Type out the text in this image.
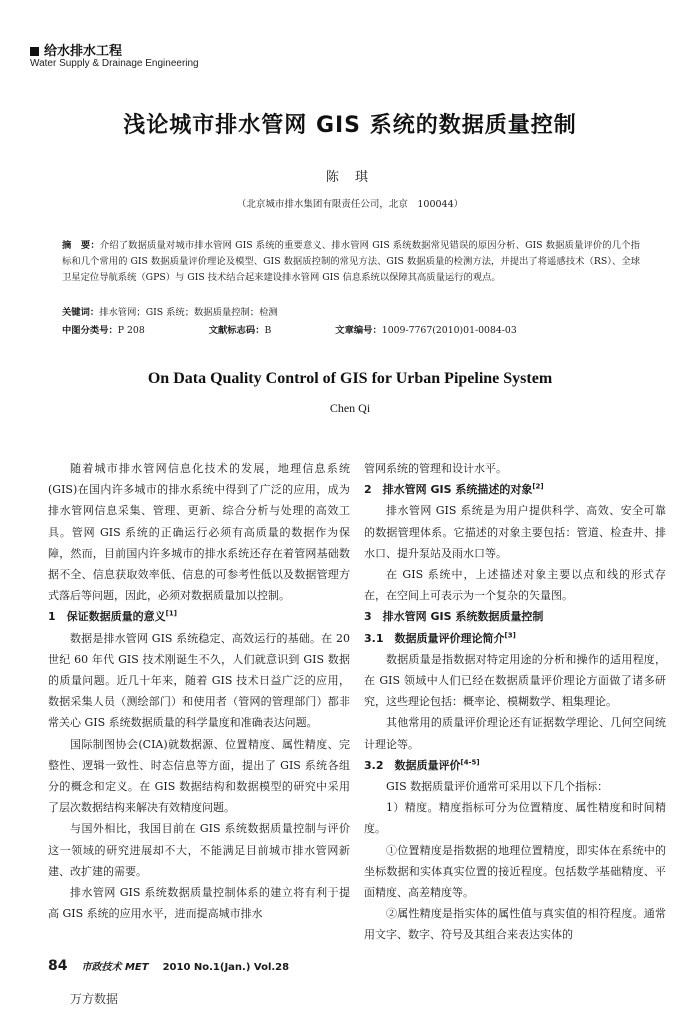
给水排水工程
Water Supply & Drainage Engineering
浅论城市排水管网 GIS 系统的数据质量控制
陈 琪
（北京城市排水集团有限责任公司，北京　100044）
摘　要：介绍了数据质量对城市排水管网 GIS 系统的重要意义、排水管网 GIS 系统数据常见错误的原因分析、GIS 数据质量评价的几个指标和几个常用的 GIS 数据质量评价理论及模型、GIS 数据质控制的常见方法、GIS 数据质量的检测方法，并提出了将遥感技术（RS）、全球卫星定位导航系统（GPS）与 GIS 技术结合起来建设排水管网 GIS 信息系统以保障其高质量运行的观点。
关键词：排水管网；GIS 系统；数据质量控制；检测
中图分类号：P 208	文献标志码：B	文章编号：1009-7767(2010)01-0084-03
On Data Quality Control of GIS for Urban Pipeline System
Chen Qi

随着城市排水管网信息化技术的发展，地理信息系统(GIS)在国内许多城市的排水系统中得到了广泛的应用，成为排水管网信息采集、管理、更新、综合分析与处理的高效工具。管网 GIS 系统的正确运行必须有高质量的数据作为保障，然而，目前国内许多城市的排水系统还存在着管网基础数据不全、信息获取效率低、信息的可参考性低以及数据管理方式落后等问题，因此，必须对数据质量加以控制。

1　保证数据质量的意义[1]

数据是排水管网 GIS 系统稳定、高效运行的基础。在 20 世纪 60 年代 GIS 技术刚诞生不久，人们就意识到 GIS 数据的质量问题。近几十年来，随着 GIS 技术日益广泛的应用，数据采集人员（测绘部门）和使用者（管网的管理部门）都非常关心 GIS 系统数据质量的科学量度和准确表达问题。

国际制图协会(CIA)就数据源、位置精度、属性精度、完整性、逻辑一致性、时态信息等方面，提出了 GIS 系统各组分的概念和定义。在 GIS 数据结构和数据模型的研究中采用了层次数据结构来解决有效精度问题。

与国外相比，我国目前在 GIS 系统数据质量控制与评价这一领域的研究进展却不大，不能满足目前城市排水管网新建、改扩建的需要。

排水管网 GIS 系统数据质量控制体系的建立将有利于提高 GIS 系统的应用水平，进而提高城市排水

管网系统的管理和设计水平。

2　排水管网 GIS 系统描述的对象[2]

排水管网 GIS 系统是为用户提供科学、高效、安全可靠的数据管理体系。它描述的对象主要包括：管道、检查井、排水口、提升泵站及雨水口等。

在 GIS 系统中，上述描述对象主要以点和线的形式存在，在空间上可表示为一个复杂的矢量图。

3　排水管网 GIS 系统数据质量控制
3.1　数据质量评价理论简介[3]

数据质量是指数据对特定用途的分析和操作的适用程度，在 GIS 领域中人们已经在数据质量评价理论方面做了诸多研究，这些理论包括：概率论、模糊数学、粗集理论。

其他常用的质量评价理论还有证据数学理论、几何空间统计理论等。

3.2　数据质量评价[4-5]

GIS 数据质量评价通常可采用以下几个指标：

1）精度。精度指标可分为位置精度、属性精度和时间精度。

①位置精度是指数据的地理位置精度，即实体在系统中的坐标数据和实体真实位置的接近程度。包括数学基础精度、平面精度、高差精度等。

②属性精度是指实体的属性值与真实值的相符程度。通常用文字、数字、符号及其组合来表达实体的

84 市政技术 MET 2010 No.1(Jan.) Vol.28
万方数据
